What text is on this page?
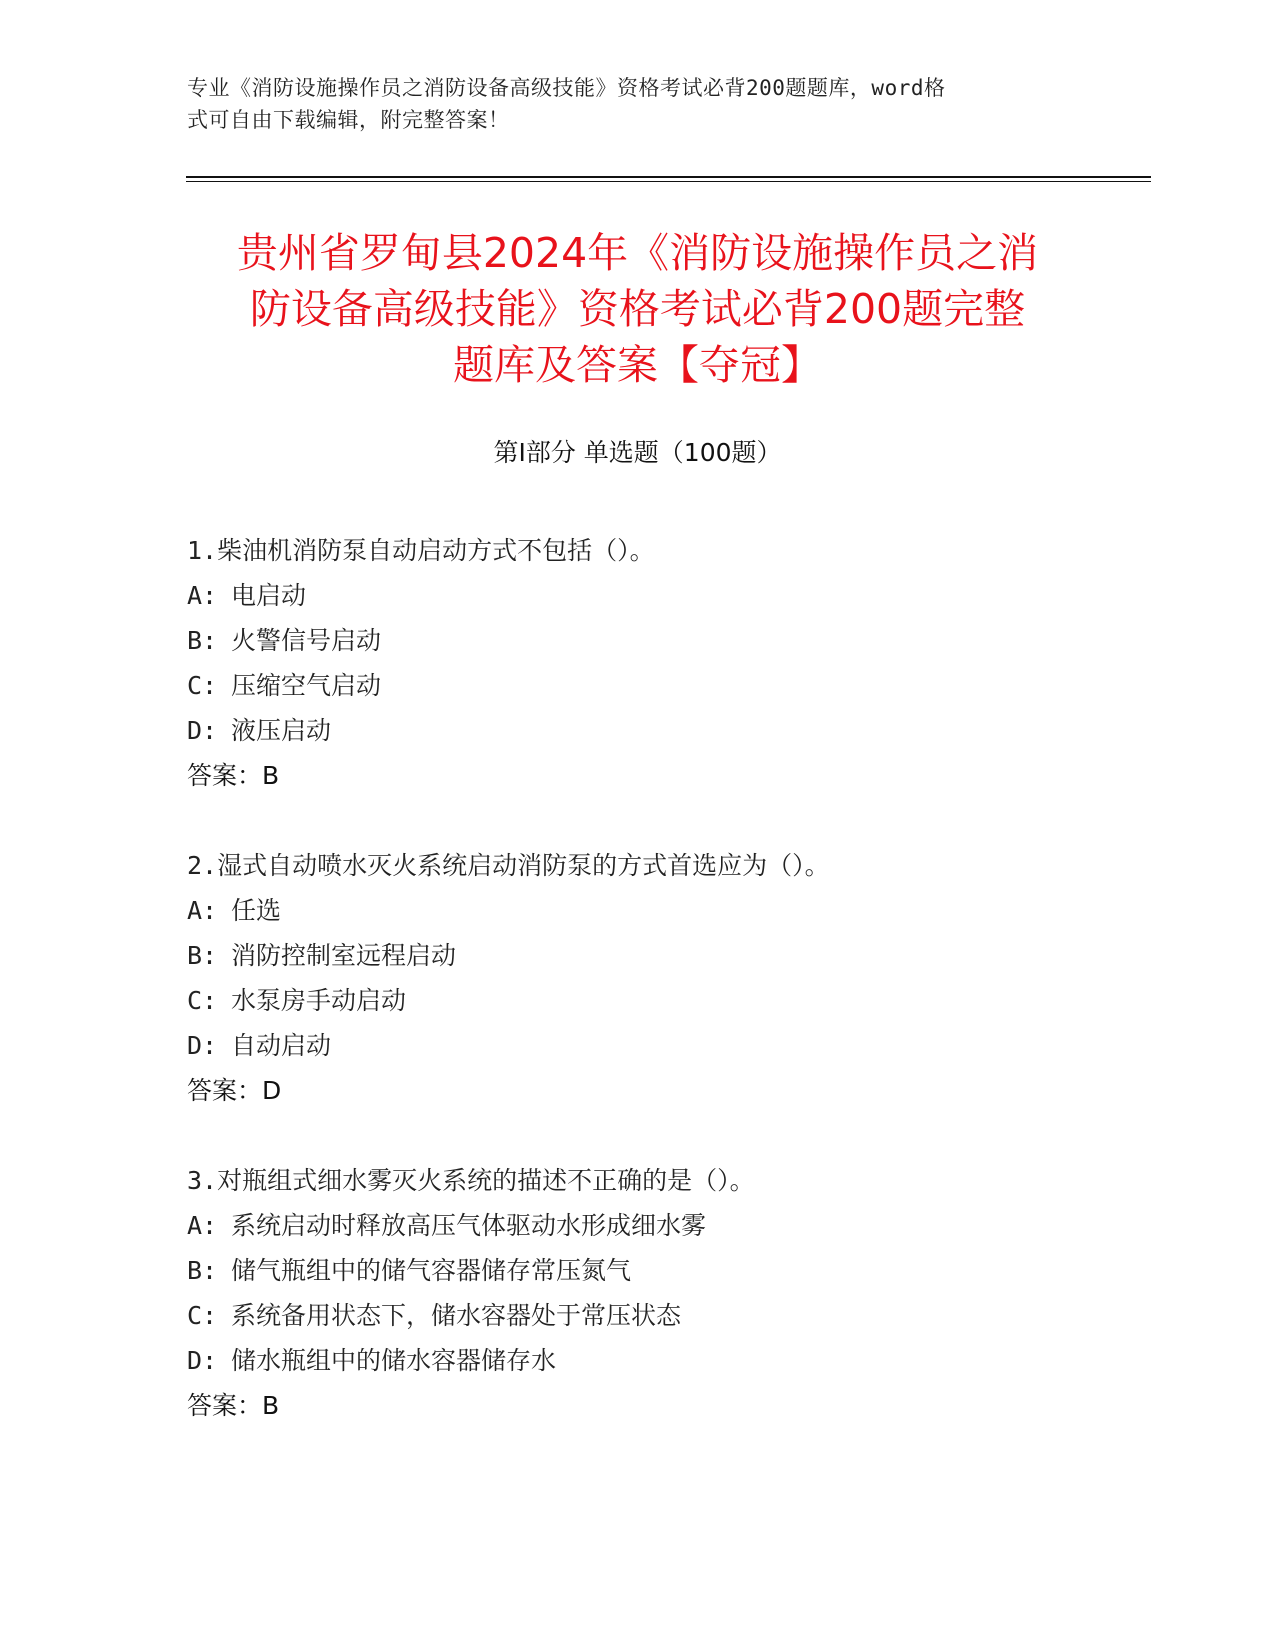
专业《消防设施操作员之消防设备高级技能》资格考试必背200题题库，word格
式可自由下载编辑，附完整答案！
贵州省罗甸县2024年《消防设施操作员之消
防设备高级技能》资格考试必背200题完整
题库及答案【夺冠】
第Ⅰ部分 单选题（100题）
1.柴油机消防泵自动启动方式不包括（）。
A: 电启动
B: 火警信号启动
C: 压缩空气启动
D: 液压启动
答案：B
2.湿式自动喷水灭火系统启动消防泵的方式首选应为（）。
A: 任选
B: 消防控制室远程启动
C: 水泵房手动启动
D: 自动启动
答案：D
3.对瓶组式细水雾灭火系统的描述不正确的是（）。
A: 系统启动时释放高压气体驱动水形成细水雾
B: 储气瓶组中的储气容器储存常压氮气
C: 系统备用状态下，储水容器处于常压状态
D: 储水瓶组中的储水容器储存水
答案：B
